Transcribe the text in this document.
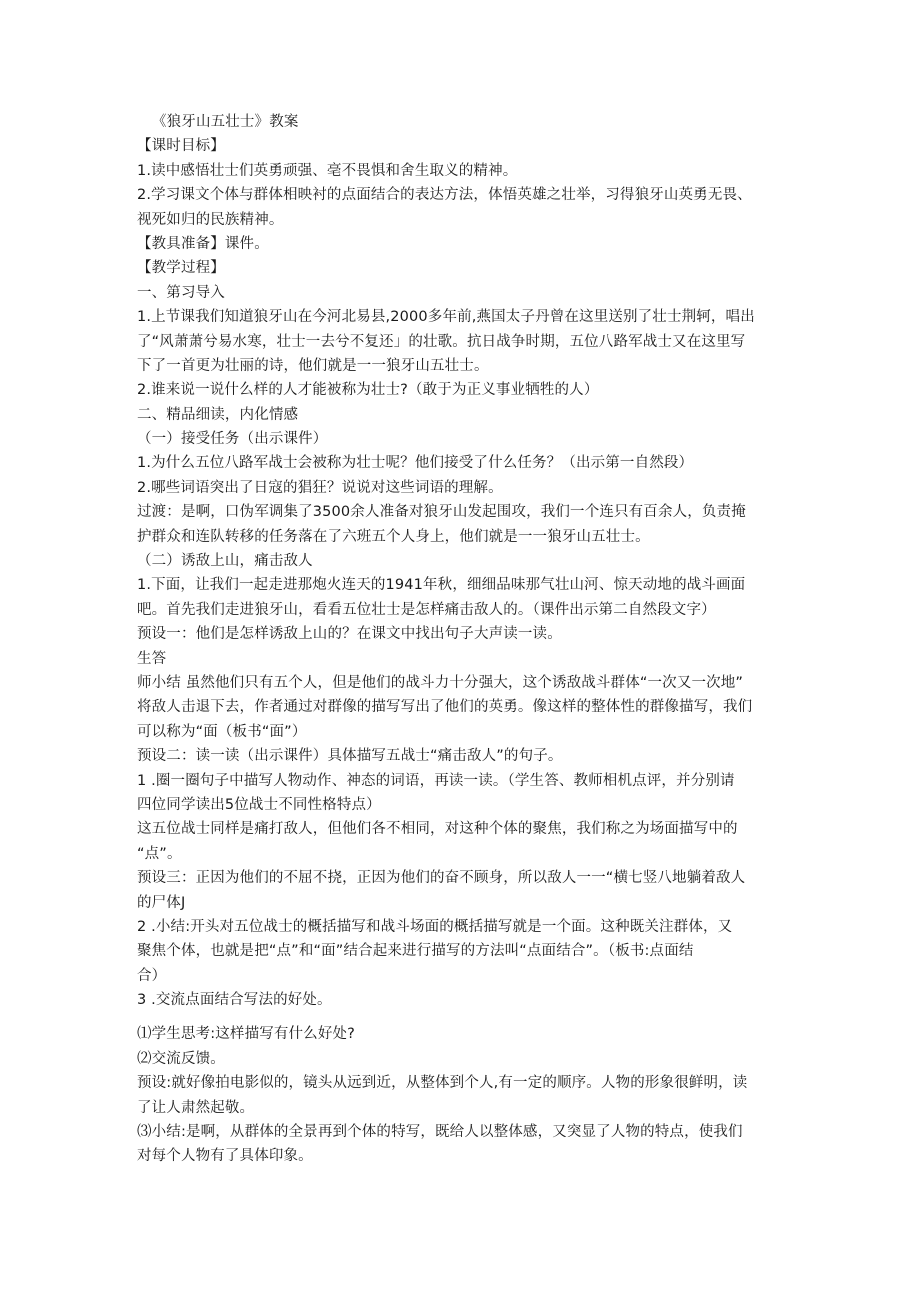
《狼牙山五壮士》教案
【课时目标】
1.读中感悟壮士们英勇顽强、亳不畏惧和舍生取义的精神。
2.学习课文个体与群体相映衬的点面结合的表达方法，体悟英雄之壮举，习得狼牙山英勇无畏、
视死如归的民族精神。
【教具准备】课件。
【教学过程】
一、第习导入
1.上节课我们知道狼牙山在今河北易县,2000多年前,燕国太子丹曾在这里送别了壮士荆轲，唱出
了“风萧萧兮易水寒，壮士一去兮不复还」的壮歌。抗日战争时期，五位八路军战士又在这里写
下了一首更为壮丽的诗，他们就是一一狼牙山五壮士。
2.谁来说一说什么样的人才能被称为壮士?（敢于为正义事业牺牲的人）
二、精品细读，内化情感
（一）接受任务（出示课件）
1.为什么五位八路军战士会被称为壮士呢？他们接受了什么任务？（出示第一自然段）
2.哪些词语突出了日寇的猖狂？说说对这些词语的理解。
过渡：是啊，口伪军调集了3500余人准备对狼牙山发起围攻，我们一个连只有百余人，负责掩
护群众和连队转移的任务落在了六班五个人身上，他们就是一一狼牙山五壮士。
（二）诱敌上山，痛击敌人
1.下面，让我们一起走进那炮火连天的1941年秋，细细品味那气壮山河、惊天动地的战斗画面
吧。首先我们走进狼牙山，看看五位壮士是怎样痛击敌人的。（课件出示第二自然段文字）
预设一：他们是怎样诱敌上山的？在课文中找出句子大声读一读。
生答
师小结 虽然他们只有五个人，但是他们的战斗力十分强大，这个诱敌战斗群体“一次又一次地”
将敌人击退下去，作者通过对群像的描写写出了他们的英勇。像这样的整体性的群像描写，我们
可以称为“面（板书“面”）
预设二：读一读（出示课件）具体描写五战士“痛击敌人”的句子。
1 .圈一圈句子中描写人物动作、神态的词语，再读一读。（学生答、教师相机点评，并分别请
四位同学读出5位战士不同性格特点）
这五位战士同样是痛打敌人，但他们各不相同，对这种个体的聚焦，我们称之为场面描写中的
“点”。
预设三：正因为他们的不屈不挠，正因为他们的奋不顾身，所以敌人一一“横七竖八地躺着敌人
的尸体J
2 .小结:开头对五位战士的概括描写和战斗场面的概括描写就是一个面。这种既关注群体，又
聚焦个体，也就是把“点”和“面”结合起来进行描写的方法叫“点面结合”。（板书:点面结
合）
3 .交流点面结合写法的好处。
⑴学生思考:这样描写有什么好处?
⑵交流反馈。
预设:就好像拍电影似的，镜头从远到近，从整体到个人,有一定的顺序。人物的形象很鲜明，读
了让人肃然起敬。
⑶小结:是啊，从群体的全景再到个体的特写，既给人以整体感，又突显了人物的特点，使我们
对每个人物有了具体印象。
